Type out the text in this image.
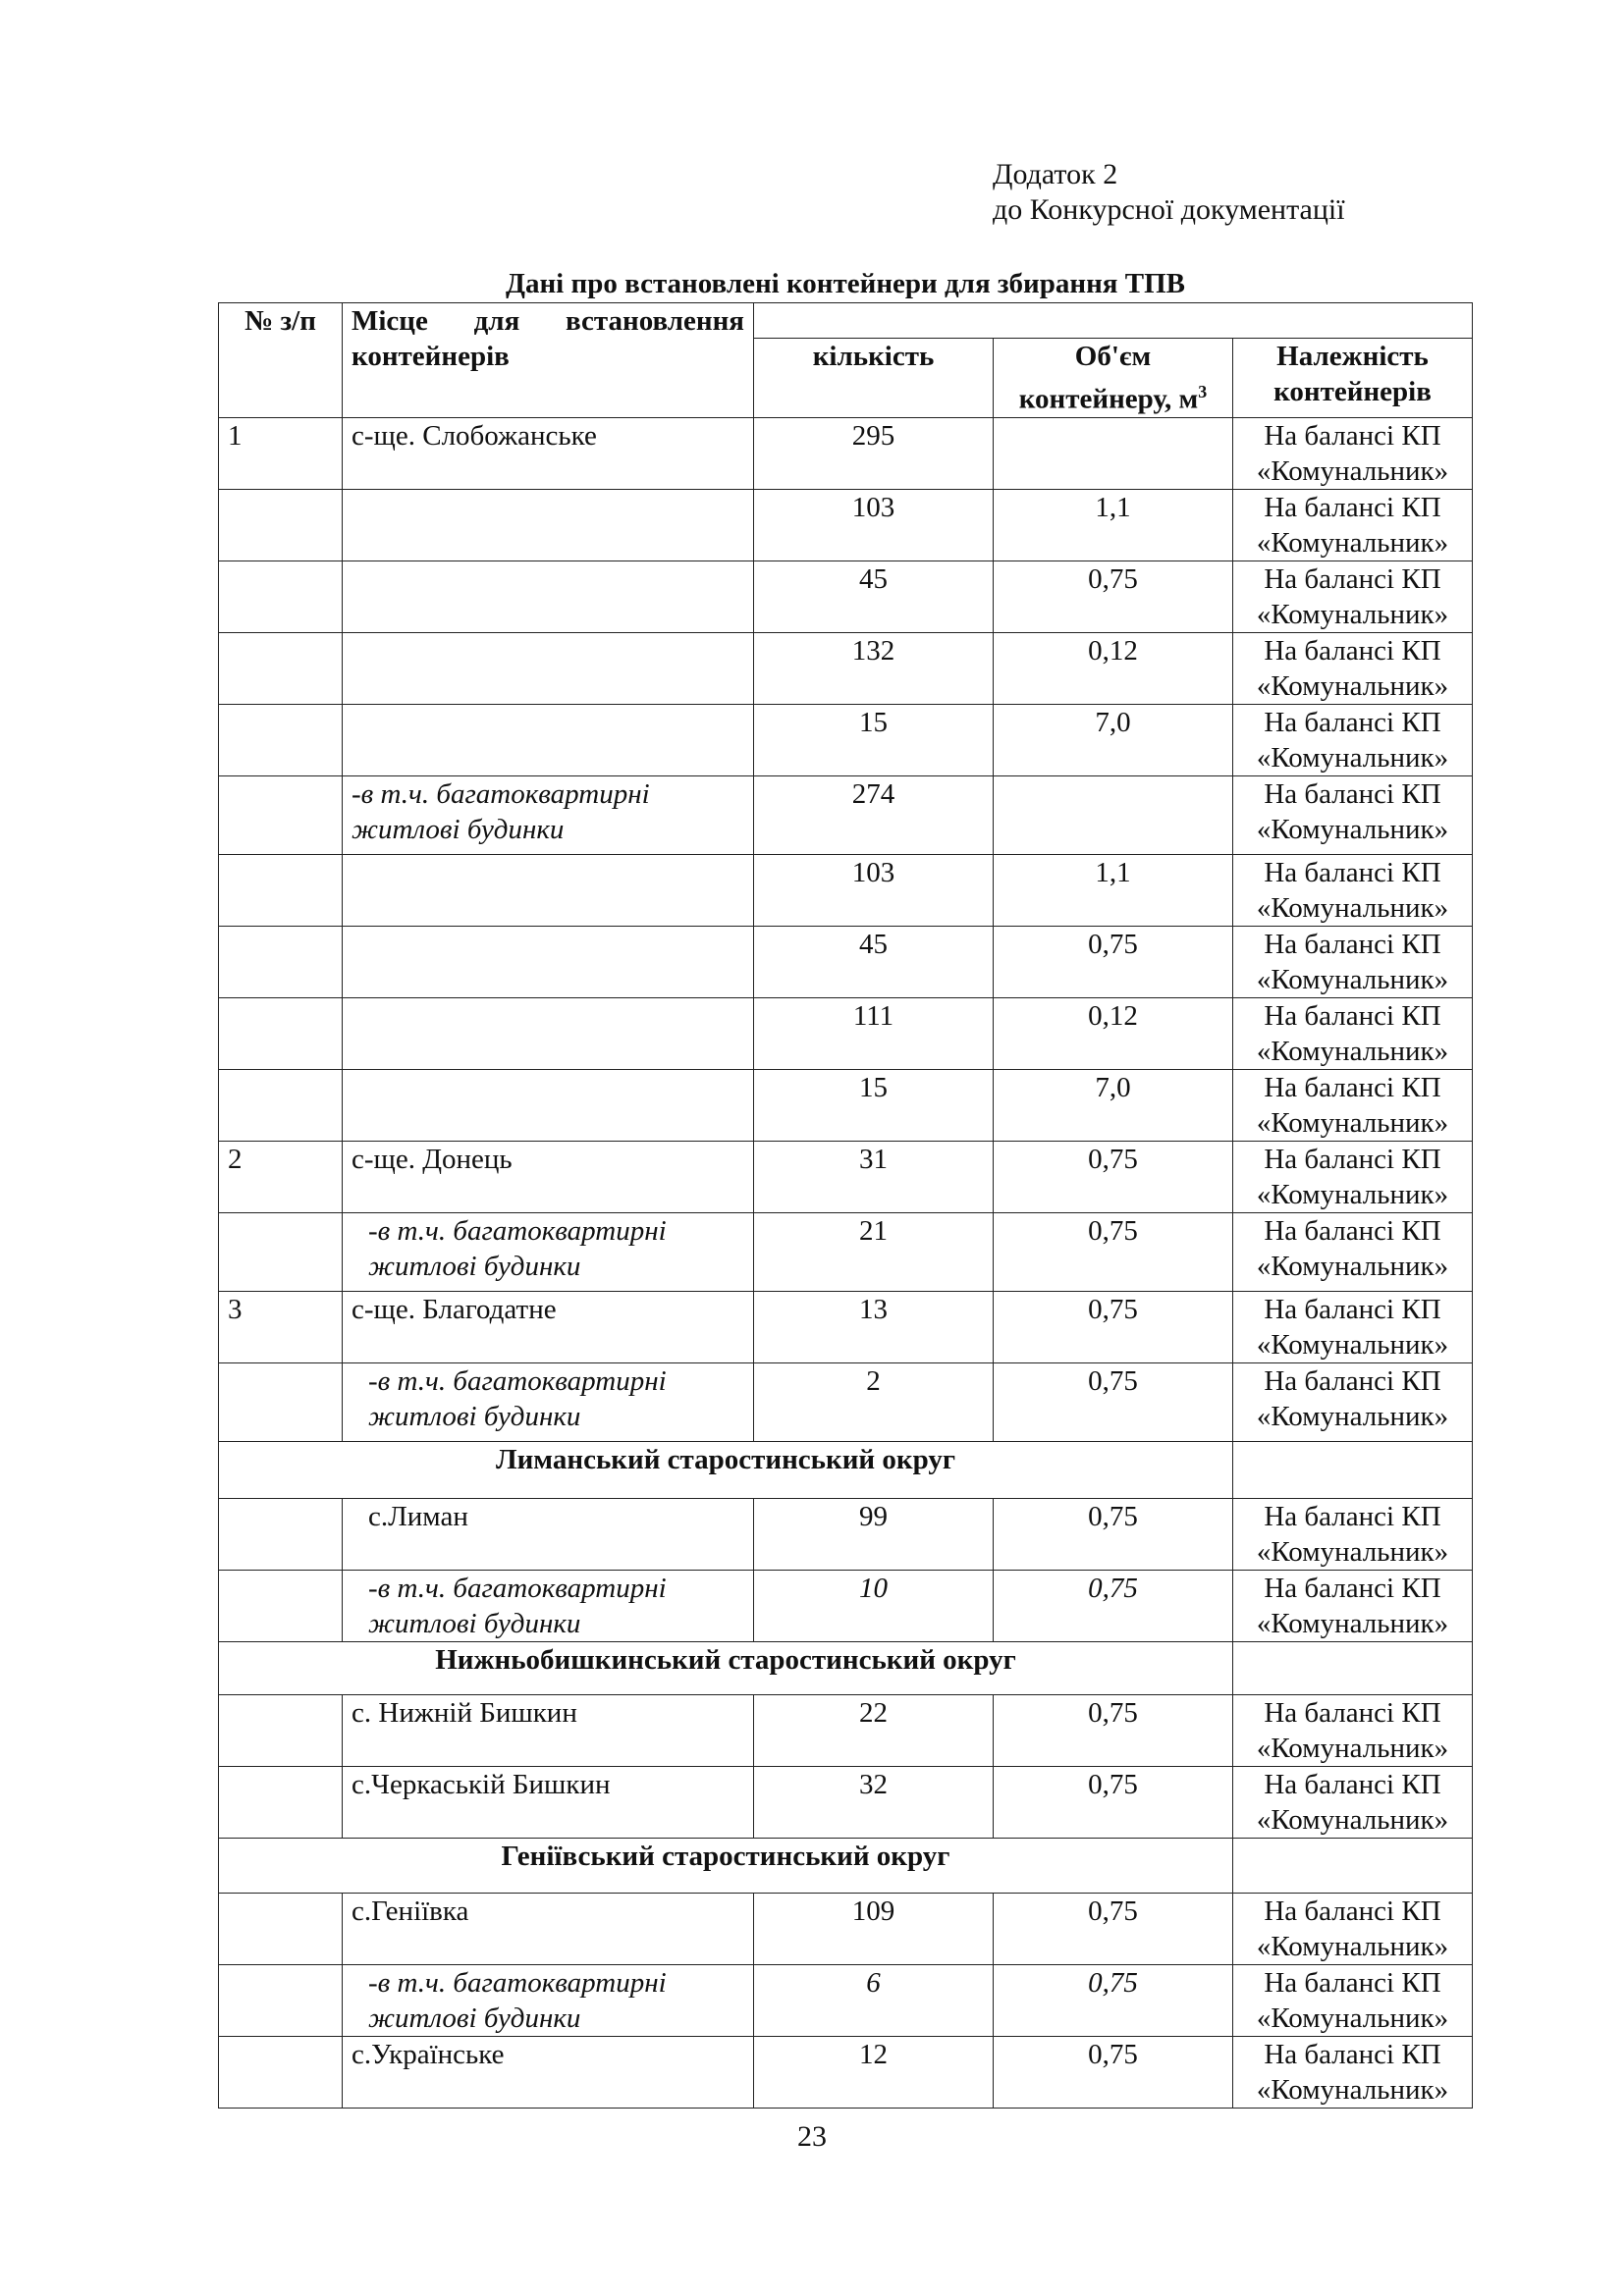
Додаток 2
до Конкурсної документації
Дані про встановлені контейнери для збирання ТПВ
№ з/п	Місце для встановлення контейнерів			
		кількість	Об'єм контейнеру, $м^3$	Належність контейнерів
1	с-ще. Слобожанське	295		На балансі КП «Комунальник»
		103	1,1	На балансі КП «Комунальник»
		45	0,75	На балансі КП «Комунальник»
		132	0,12	На балансі КП «Комунальник»
		15	7,0	На балансі КП «Комунальник»
	-в т.ч. багатоквартирні житлові будинки	274		На балансі КП «Комунальник»
		103	1,1	На балансі КП «Комунальник»
		45	0,75	На балансі КП «Комунальник»
		111	0,12	На балансі КП «Комунальник»
		15	7,0	На балансі КП «Комунальник»
2	с-ще. Донець	31	0,75	На балансі КП «Комунальник»
	-в т.ч. багатоквартирні житлові будинки	21	0,75	На балансі КП «Комунальник»
3	с-ще. Благодатне	13	0,75	На балансі КП «Комунальник»
	-в т.ч. багатоквартирні житлові будинки	2	0,75	На балансі КП «Комунальник»
Лиманський старостинський округ				
	с.Лиман	99	0,75	На балансі КП «Комунальник»
	-в т.ч. багатоквартирні житлові будинки	10	0,75	На балансі КП «Комунальник»
Нижньобишкинський старостинський округ				
	с. Нижній Бишкин	22	0,75	На балансі КП «Комунальник»
	с.Черкаській Бишкин	32	0,75	На балансі КП «Комунальник»
Геніївський старостинський округ				
	с.Геніївка	109	0,75	На балансі КП «Комунальник»
	-в т.ч. багатоквартирні житлові будинки	6	0,75	На балансі КП «Комунальник»
	с.Українське	12	0,75	На балансі КП «Комунальник»
23
